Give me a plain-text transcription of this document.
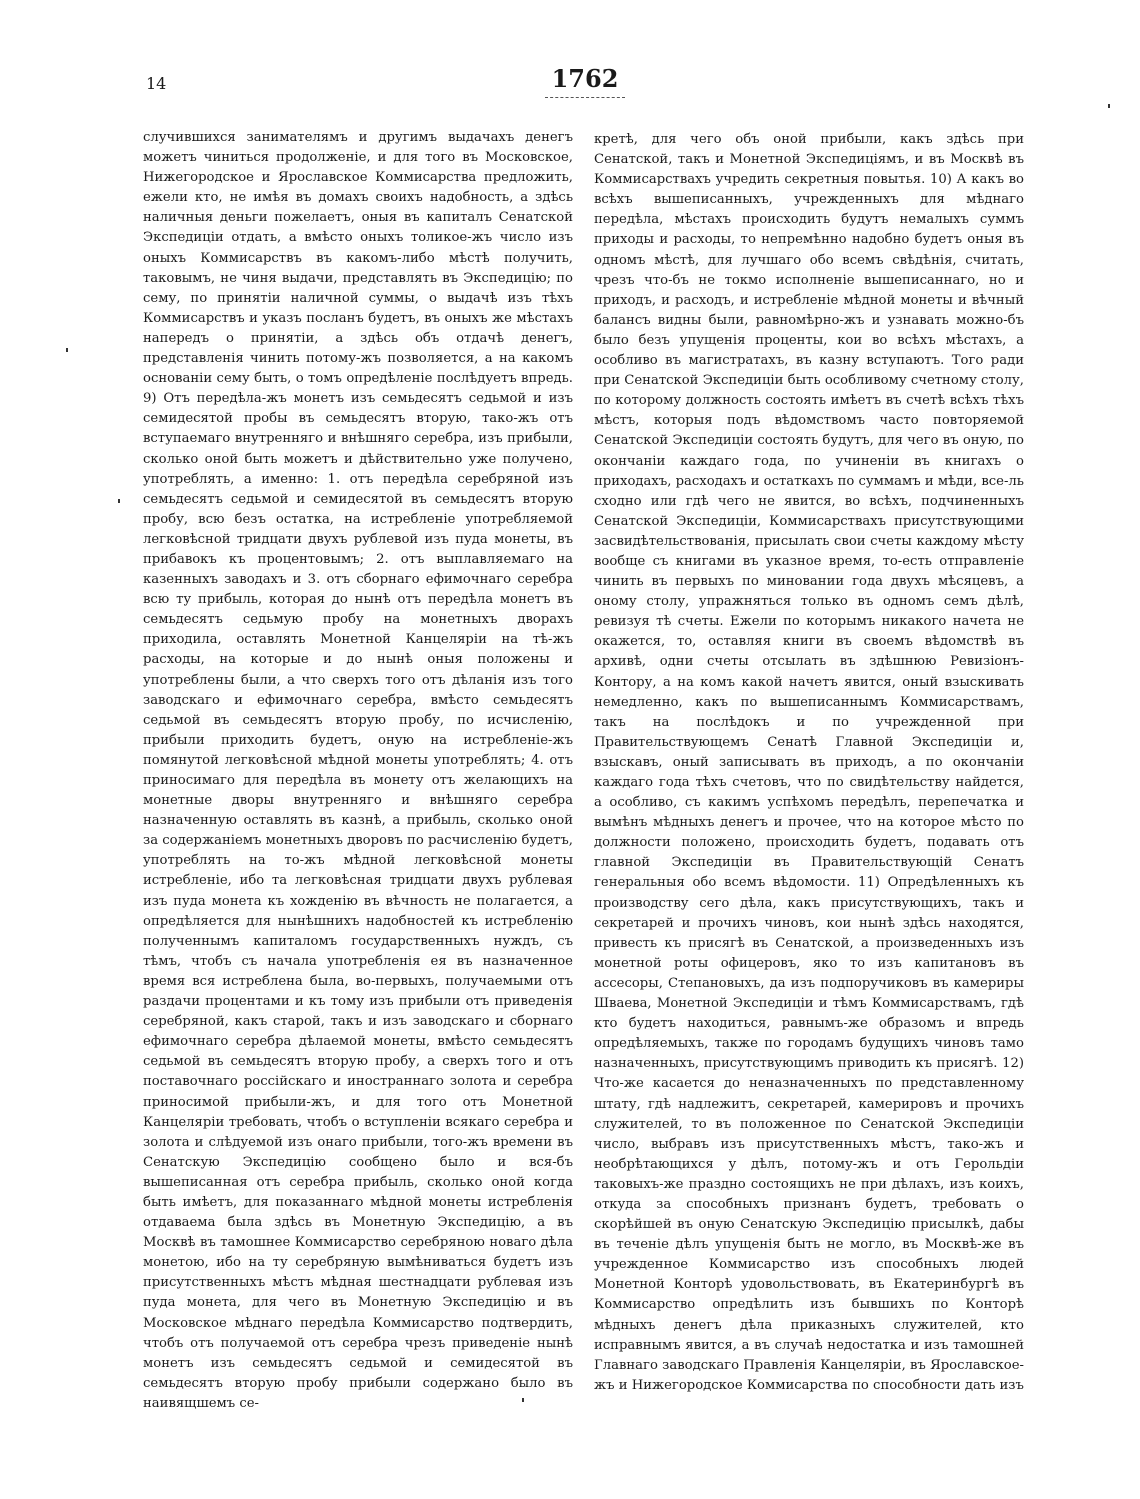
14	1762

случившихся занимателямъ и другимъ выдачахъ денегъ можетъ чиниться продолженіе, и для того въ Московское, Нижегородское и Ярославское Коммисарства предложить, ежели кто, не имѣя въ домахъ своихъ надобность, а здѣсь наличныя деньги пожелаетъ, оныя въ капиталъ Сенатской Экспедиціи отдать, а вмѣсто оныхъ толикое-жъ число изъ оныхъ Коммисарствъ въ какомъ-либо мѣстѣ получить, таковымъ, не чиня выдачи, представлять въ Экспедицію; по сему, по принятіи наличной суммы, о выдачѣ изъ тѣхъ Коммисарствъ и указъ посланъ будетъ, въ оныхъ же мѣстахъ напередъ о принятіи, а здѣсь объ отдачѣ денегъ, представленія чинить потому-жъ позволяется, а на какомъ основаніи сему быть, о томъ опредѣленіе послѣдуетъ впредь. 9) Отъ передѣла-жъ монетъ изъ семьдесятъ седьмой и изъ семидесятой пробы въ семьдесятъ вторую, тако-жъ отъ вступаемаго внутренняго и внѣшняго серебра, изъ прибыли, сколько оной быть можетъ и дѣйствительно уже получено, употреблять, а именно: 1. отъ передѣла серебряной изъ семьдесятъ седьмой и семидесятой въ семьдесятъ вторую пробу, всю безъ остатка, на истребленіе употребляемой легковѣсной тридцати двухъ рублевой изъ пуда монеты, въ прибавокъ къ процентовымъ; 2. отъ выплавляемаго на казенныхъ заводахъ и 3. отъ сборнаго ефимочнаго серебра всю ту прибыль, которая до нынѣ отъ передѣла монетъ въ семьдесятъ седьмую пробу на монетныхъ дворахъ приходила, оставлять Монетной Канцеляріи на тѣ-жъ расходы, на которые и до нынѣ оныя положены и употреблены были, а что сверхъ того отъ дѣланія изъ того заводскаго и ефимочнаго серебра, вмѣсто семьдесятъ седьмой въ семьдесятъ вторую пробу, по исчисленію, прибыли приходить будетъ, оную на истребленіе-жъ помянутой легковѣсной мѣдной монеты употреблять; 4. отъ приносимаго для передѣла въ монету отъ желающихъ на монетные дворы внутренняго и внѣшняго серебра назначенную оставлять въ казнѣ, а прибыль, сколько оной за содержаніемъ монетныхъ дворовъ по расчисленію будетъ, употреблять на то-жъ мѣдной легковѣсной монеты истребленіе, ибо та легковѣсная тридцати двухъ рублевая изъ пуда монета къ хожденію въ вѣчность не полагается, а опредѣляется для нынѣшнихъ надобностей къ истребленію полученнымъ капиталомъ государственныхъ нуждъ, съ тѣмъ, чтобъ съ начала употребленія ея въ назначенное время вся истреблена была, во-первыхъ, получаемыми отъ раздачи процентами и къ тому изъ прибыли отъ приведенія серебряной, какъ старой, такъ и изъ заводскаго и сборнаго ефимочнаго серебра дѣлаемой монеты, вмѣсто семьдесятъ седьмой въ семьдесятъ вторую пробу, а сверхъ того и отъ поставочнаго россійскаго и иностраннаго золота и серебра приносимой прибыли-жъ, и для того отъ Монетной Канцеляріи требовать, чтобъ о вступленіи всякаго серебра и золота и слѣдуемой изъ онаго прибыли, того-жъ времени въ Сенатскую Экспедицію сообщено было и вся-бъ вышеписанная отъ серебра прибыль, сколько оной когда быть имѣетъ, для показаннаго мѣдной монеты истребленія отдаваема была здѣсь въ Монетную Экспедицію, а въ Москвѣ въ тамошнее Коммисарство серебряною новаго дѣла монетою, ибо на ту серебряную вымѣниваться будетъ изъ присутственныхъ мѣстъ мѣдная шестнадцати рублевая изъ пуда монета, для чего въ Монетную Экспедицію и въ Московское мѣднаго передѣла Коммисарство подтвердить, чтобъ отъ получаемой отъ серебра чрезъ приведеніе нынѣ монетъ изъ семьдесятъ седьмой и семидесятой въ семьдесятъ вторую пробу прибыли содержано было въ наивящшемъ се-

кретѣ, для чего объ оной прибыли, какъ здѣсь при Сенатской, такъ и Монетной Экспедиціямъ, и въ Москвѣ въ Коммисарствахъ учредить секретныя повытья. 10) А какъ во всѣхъ вышеписанныхъ, учрежденныхъ для мѣднаго передѣла, мѣстахъ происходить будутъ немалыхъ суммъ приходы и расходы, то непремѣнно надобно будетъ оныя въ одномъ мѣстѣ, для лучшаго обо всемъ свѣдѣнія, считать, чрезъ что-бъ не токмо исполненіе вышеписаннаго, но и приходъ, и расходъ, и истребленіе мѣдной монеты и вѣчный балансъ видны были, равномѣрно-жъ и узнавать можно-бъ было безъ упущенія проценты, кои во всѣхъ мѣстахъ, а особливо въ магистратахъ, въ казну вступаютъ. Того ради при Сенатской Экспедиціи быть особливому счетному столу, по которому должность состоять имѣетъ въ счетѣ всѣхъ тѣхъ мѣстъ, которыя подъ вѣдомствомъ часто повторяемой Сенатской Экспедиціи состоять будутъ, для чего въ оную, по окончаніи каждаго года, по учиненіи въ книгахъ о приходахъ, расходахъ и остаткахъ по суммамъ и мѣди, все-ль сходно или гдѣ чего не явится, во всѣхъ, подчиненныхъ Сенатской Экспедиціи, Коммисарствахъ присутствующими засвидѣтельствованія, присылать свои счеты каждому мѣсту вообще съ книгами въ указное время, то-есть отправленіе чинить въ первыхъ по миновании года двухъ мѣсяцевъ, а оному столу, упражняться только въ одномъ семъ дѣлѣ, ревизуя тѣ счеты. Ежели по которымъ никакого начета не окажется, то, оставляя книги въ своемъ вѣдомствѣ въ архивѣ, одни счеты отсылать въ здѣшнюю Ревизіонъ-Контору, а на комъ какой начетъ явится, оный взыскивать немедленно, какъ по вышеписаннымъ Коммисарствамъ, такъ на послѣдокъ и по учрежденной при Правительствующемъ Сенатѣ Главной Экспедиціи и, взыскавъ, оный записывать въ приходъ, а по окончаніи каждаго года тѣхъ счетовъ, что по свидѣтельству найдется, а особливо, съ какимъ успѣхомъ передѣлъ, перепечатка и вымѣнъ мѣдныхъ денегъ и прочее, что на которое мѣсто по должности положено, происходить будетъ, подавать отъ главной Экспедиціи въ Правительствующій Сенатъ генеральныя обо всемъ вѣдомости. 11) Опредѣленныхъ къ производству сего дѣла, какъ присутствующихъ, такъ и секретарей и прочихъ чиновъ, кои нынѣ здѣсь находятся, привесть къ присягѣ въ Сенатской, а произведенныхъ изъ монетной роты офицеровъ, яко то изъ капитановъ въ ассесоры, Степановыхъ, да изъ подпоручиковъ въ камериры Шваева, Монетной Экспедиціи и тѣмъ Коммисарствамъ, гдѣ кто будетъ находиться, равнымъ-же образомъ и впредь опредѣляемыхъ, также по городамъ будущихъ чиновъ тамо назначенныхъ, присутствующимъ приводить къ присягѣ. 12) Что-же касается до неназначенныхъ по представленному штату, гдѣ надлежитъ, секретарей, камерировъ и прочихъ служителей, то въ положенное по Сенатской Экспедиціи число, выбравъ изъ присутственныхъ мѣстъ, тако-жъ и необрѣтающихся у дѣлъ, потому-жъ и отъ Герольдіи таковыхъ-же праздно состоящихъ не при дѣлахъ, изъ коихъ, откуда за способныхъ признанъ будетъ, требовать о скорѣйшей въ оную Сенатскую Экспедицію присылкѣ, дабы въ теченіе дѣлъ упущенія быть не могло, въ Москвѣ-же въ учрежденное Коммисарство изъ способныхъ людей Монетной Конторѣ удовольствовать, въ Екатеринбургѣ въ Коммисарство опредѣлить изъ бывшихъ по Конторѣ мѣдныхъ денегъ дѣла приказныхъ служителей, кто исправнымъ явится, а въ случаѣ недостатка и изъ тамошней Главнаго заводскаго Правленія Канцеляріи, въ Ярославское-жъ и Нижегородское Коммисарства по способности дать изъ
